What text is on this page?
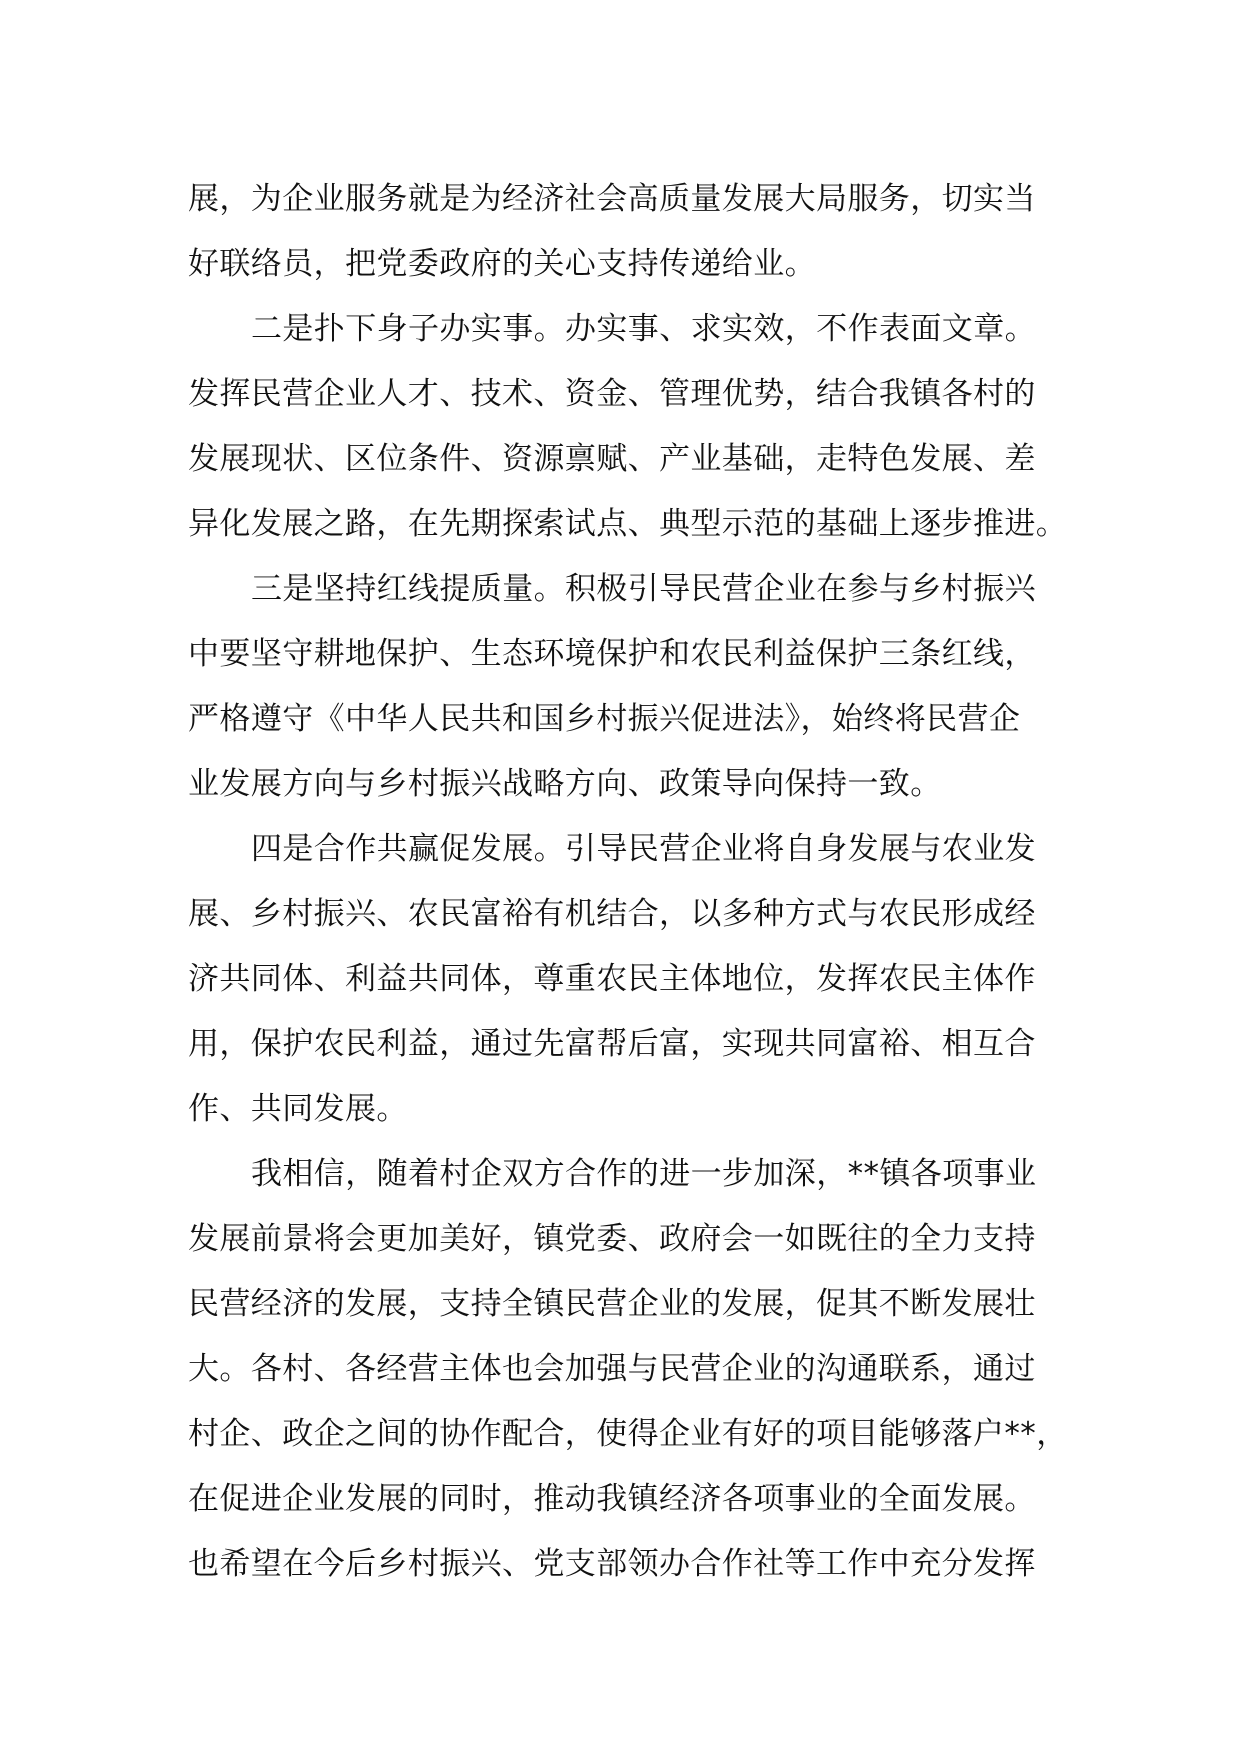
展，为企业服务就是为经济社会高质量发展大局服务，切实当
好联络员，把党委政府的关心支持传递给业。
二是扑下身子办实事。办实事、求实效，不作表面文章。
发挥民营企业人才、技术、资金、管理优势，结合我镇各村的
发展现状、区位条件、资源禀赋、产业基础，走特色发展、差
异化发展之路，在先期探索试点、典型示范的基础上逐步推进。
三是坚持红线提质量。积极引导民营企业在参与乡村振兴
中要坚守耕地保护、生态环境保护和农民利益保护三条红线，
严格遵守《中华人民共和国乡村振兴促进法》，始终将民营企
业发展方向与乡村振兴战略方向、政策导向保持一致。
四是合作共赢促发展。引导民营企业将自身发展与农业发
展、乡村振兴、农民富裕有机结合，以多种方式与农民形成经
济共同体、利益共同体，尊重农民主体地位，发挥农民主体作
用，保护农民利益，通过先富帮后富，实现共同富裕、相互合
作、共同发展。
我相信，随着村企双方合作的进一步加深，**镇各项事业
发展前景将会更加美好，镇党委、政府会一如既往的全力支持
民营经济的发展，支持全镇民营企业的发展，促其不断发展壮
大。各村、各经营主体也会加强与民营企业的沟通联系，通过
村企、政企之间的协作配合，使得企业有好的项目能够落户**，
在促进企业发展的同时，推动我镇经济各项事业的全面发展。
也希望在今后乡村振兴、党支部领办合作社等工作中充分发挥
